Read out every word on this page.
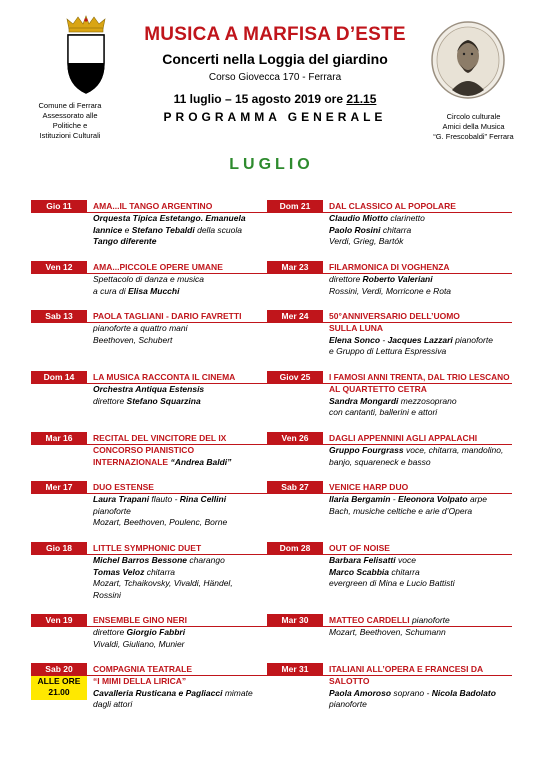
MUSICA A MARFISA D’ESTE
Concerti nella Loggia del giardino
Corso Giovecca 170 - Ferrara
11 luglio – 15 agosto 2019 ore 21.15
PROGRAMMA GENERALE
Comune di Ferrara
Assessorato alle
Politiche e
Istituzioni Culturali
Circolo culturale
Amici della Musica
“G. Frescobaldi” Ferrara
LUGLIO
Gio 11	AMA...IL TANGO ARGENTINO
Orquesta Típica Estetango. Emanuela
Iannice e Stefano Tebaldi della scuola
Tango diferente
Ven 12	AMA...PICCOLE OPERE UMANE
Spettacolo di danza e musica
a cura di Elisa Mucchi
Sab 13	PAOLA TAGLIANI - DARIO FAVRETTI
pianoforte a quattro mani
Beethoven, Schubert
Dom 14	LA MUSICA RACCONTA IL CINEMA
Orchestra Antiqua Estensis
direttore Stefano Squarzina
Mar 16	RECITAL DEL VINCITORE DEL IX
CONCORSO PIANISTICO
INTERNAZIONALE “Andrea Baldi”
Mer 17	DUO ESTENSE
Laura Trapani flauto - Rina Cellini
pianoforte
Mozart, Beethoven, Poulenc, Borne
Gio 18	LITTLE SYMPHONIC DUET
Michel Barros Bessone charango
Tomas Veloz chitarra
Mozart, Tchaikovsky, Vivaldi, Händel,
Rossini
Ven 19	ENSEMBLE GINO NERI
direttore Giorgio Fabbri
Vivaldi, Giuliano, Munier
Sab 20	COMPAGNIA TEATRALE
ALLE ORE
21.00
“I MIMI DELLA LIRICA”
Cavalleria Rusticana e Pagliacci mimate
dagli attori
Dom 21	DAL CLASSICO AL POPOLARE
Claudio Miotto clarinetto
Paolo Rosini chitarra
Verdi, Grieg, Bartók
Mar 23	FILARMONICA DI VOGHENZA
direttore Roberto Valeriani
Rossini, Verdi, Morricone e Rota
Mer 24	50°ANNIVERSARIO DELL’UOMO
SULLA LUNA
Elena Sonco - Jacques Lazzari pianoforte
e Gruppo di Lettura Espressiva
Giov 25	I FAMOSI ANNI TRENTA, DAL TRIO LESCANO
AL QUARTETTO CETRA
Sandra Mongardi mezzosoprano
con cantanti, ballerini e attori
Ven 26	DAGLI APPENNINI AGLI APPALACHI
Gruppo Fourgrass voce, chitarra, mandolino,
banjo, squareneck e basso
Sab 27	VENICE HARP DUO
Ilaria Bergamin - Eleonora Volpato arpe
Bach, musiche celtiche e arie d’Opera
Dom 28	OUT OF NOISE
Barbara Felisatti voce
Marco Scabbia chitarra
evergreen di Mina e Lucio Battisti
Mar 30	MATTEO CARDELLI pianoforte
Mozart, Beethoven, Schumann
Mer 31	ITALIANI ALL’OPERA E FRANCESI DA
SALOTTO
Paola Amoroso soprano - Nicola Badolato
pianoforte
